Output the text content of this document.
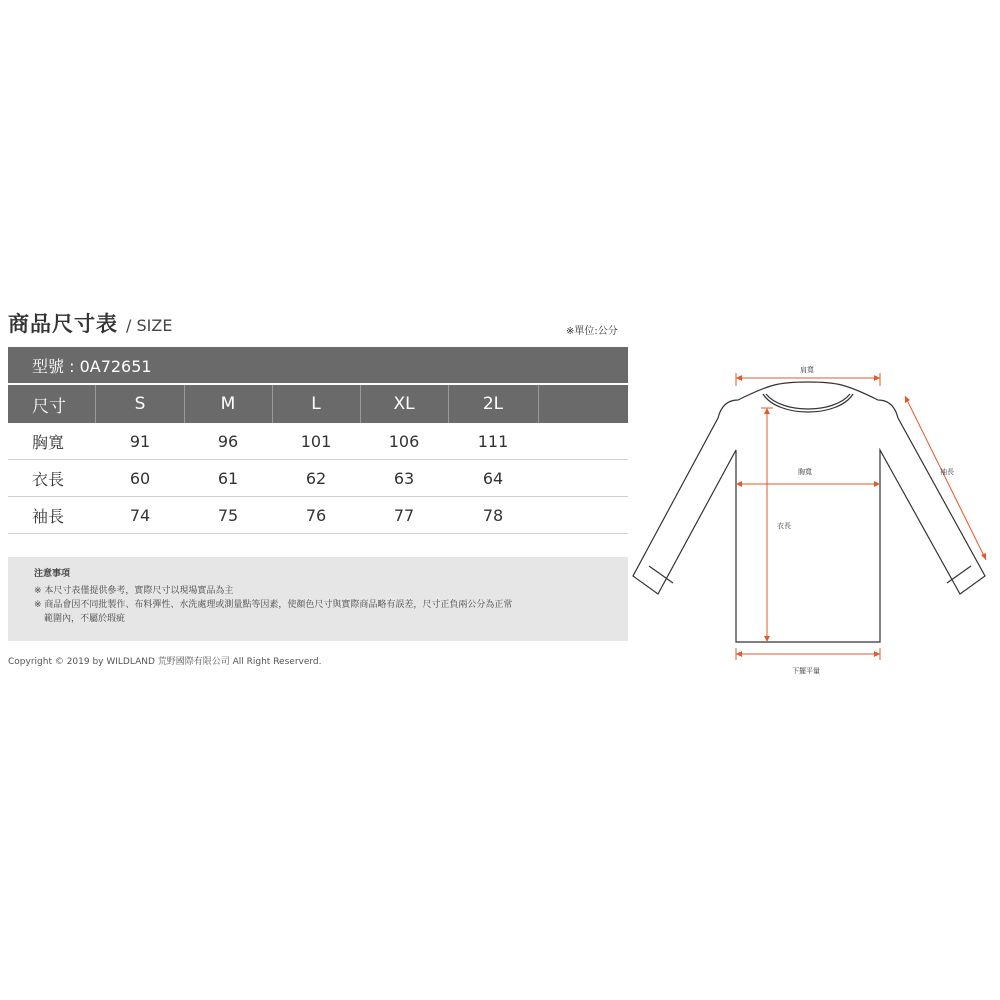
商品尺寸表 / SIZE	※單位:公分
型號 : 0A72651
尺寸	S	M	L	XL	2L
胸寬	91	96	101	106	111
衣長	60	61	62	63	64
袖長	74	75	76	77	78
注意事項
※ 本尺寸表僅提供參考，實際尺寸以現場實品為主
※ 商品會因不同批製作、布料彈性、水洗處理或測量點等因素，使顏色尺寸與實際商品略有誤差，尺寸正負兩公分為正常
範圍內，不屬於瑕疵
Copyright © 2019 by WILDLAND 荒野國際有限公司 All Right Reserverd.
肩寬
胸寬	袖長
衣長
下擺平量
